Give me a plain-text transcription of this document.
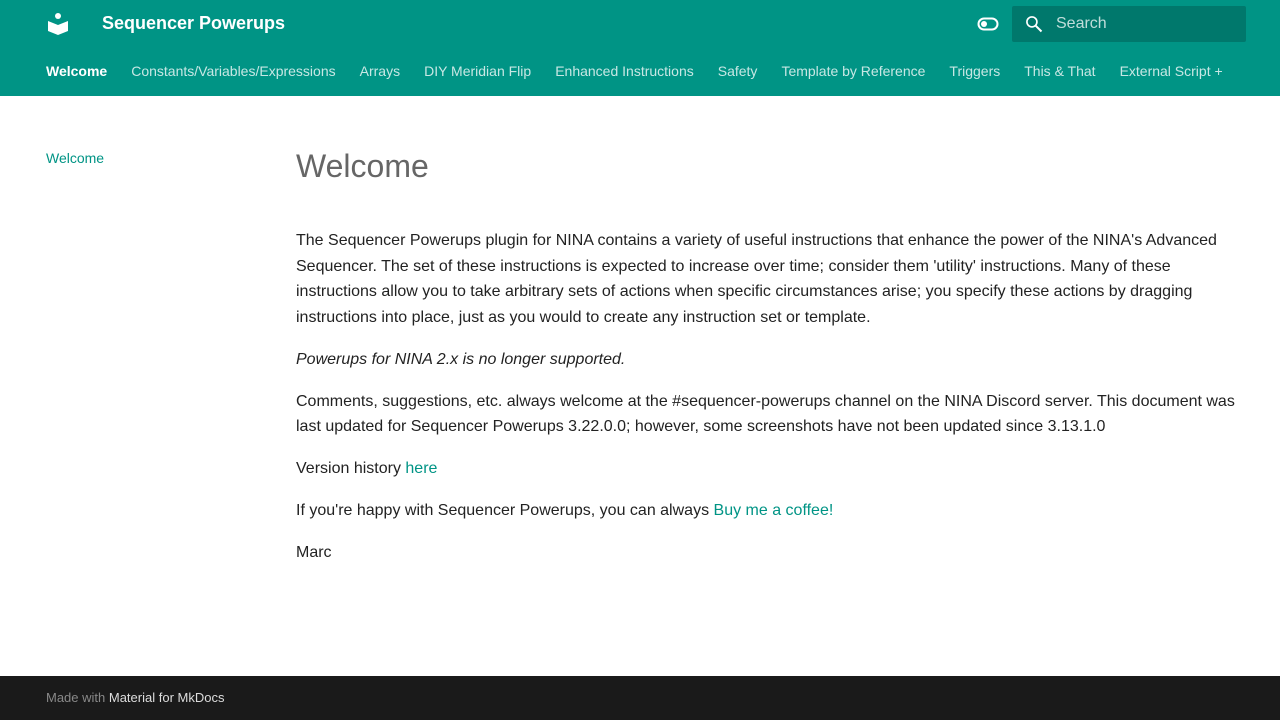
Sequencer Powerups
Search
Welcome Constants/Variables/Expressions Arrays DIY Meridian Flip Enhanced Instructions Safety Template by Reference Triggers This & That External Script +
Welcome	Welcome

The Sequencer Powerups plugin for NINA contains a variety of useful instructions that enhance the power of the NINA's Advanced Sequencer. The set of these instructions is expected to increase over time; consider them 'utility' instructions. Many of these instructions allow you to take arbitrary sets of actions when specific circumstances arise; you specify these actions by dragging instructions into place, just as you would to create any instruction set or template.

Powerups for NINA 2.x is no longer supported.

Comments, suggestions, etc. always welcome at the #sequencer-powerups channel on the NINA Discord server. This document was last updated for Sequencer Powerups 3.22.0.0; however, some screenshots have not been updated since 3.13.1.0

Version history here

If you're happy with Sequencer Powerups, you can always Buy me a coffee!

Marc

Made with Material for MkDocs
